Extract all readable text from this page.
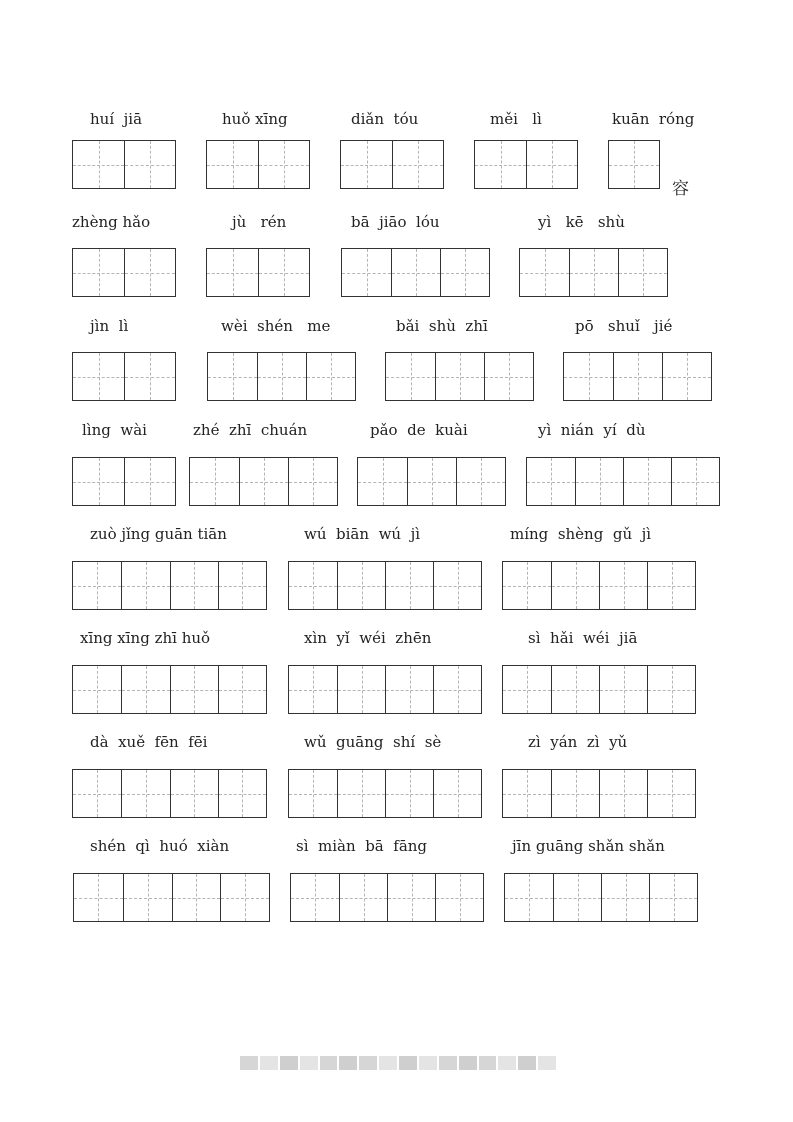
huí  jiā	huǒ xīng	diǎn  tóu	měi   lì	kuān  róng
容
zhèng hǎo	jù   rén	bā  jiāo  lóu	yì   kē   shù
jìn  lì	wèi  shén   me	bǎi  shù  zhī	pō   shuǐ   jié
lìng  wài	zhé  zhī  chuán	pǎo  de  kuài	yì  nián  yí  dù
zuò jǐng guān tiān	wú  biān  wú  jì	míng  shèng  gǔ  jì
xīng xīng zhī huǒ	xìn  yǐ  wéi  zhēn	sì  hǎi  wéi  jiā
dà  xuě  fēn  fēi	wǔ  guāng  shí  sè	zì  yán  zì  yǔ
shén  qì  huó  xiàn	sì  miàn  bā  fāng	jīn guāng shǎn shǎn
